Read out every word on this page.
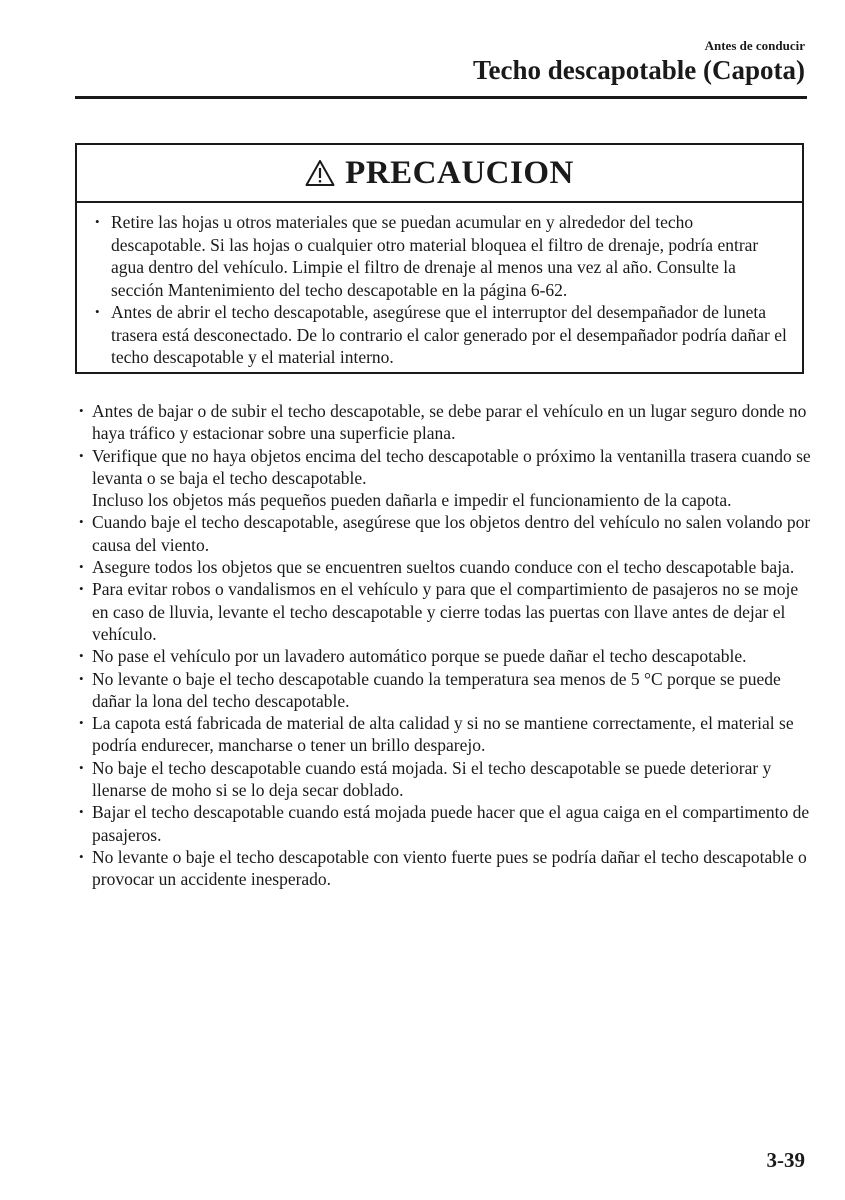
Antes de conducir
Techo descapotable (Capota)
PRECAUCION
• Retire las hojas u otros materiales que se puedan acumular en y alrededor del techo descapotable. Si las hojas o cualquier otro material bloquea el filtro de drenaje, podría entrar agua dentro del vehículo. Limpie el filtro de drenaje al menos una vez al año. Consulte la sección Mantenimiento del techo descapotable en la página 6-62.
• Antes de abrir el techo descapotable, asegúrese que el interruptor del desempañador de luneta trasera está desconectado. De lo contrario el calor generado por el desempañador podría dañar el techo descapotable y el material interno.
• Antes de bajar o de subir el techo descapotable, se debe parar el vehículo en un lugar seguro donde no haya tráfico y estacionar sobre una superficie plana.
• Verifique que no haya objetos encima del techo descapotable o próximo la ventanilla trasera cuando se levanta o se baja el techo descapotable.
Incluso los objetos más pequeños pueden dañarla e impedir el funcionamiento de la capota.
• Cuando baje el techo descapotable, asegúrese que los objetos dentro del vehículo no salen volando por causa del viento.
• Asegure todos los objetos que se encuentren sueltos cuando conduce con el techo descapotable baja.
• Para evitar robos o vandalismos en el vehículo y para que el compartimiento de pasajeros no se moje en caso de lluvia, levante el techo descapotable y cierre todas las puertas con llave antes de dejar el vehículo.
• No pase el vehículo por un lavadero automático porque se puede dañar el techo descapotable.
• No levante o baje el techo descapotable cuando la temperatura sea menos de 5 °C porque se puede dañar la lona del techo descapotable.
• La capota está fabricada de material de alta calidad y si no se mantiene correctamente, el material se podría endurecer, mancharse o tener un brillo desparejo.
• No baje el techo descapotable cuando está mojada. Si el techo descapotable se puede deteriorar y llenarse de moho si se lo deja secar doblado.
• Bajar el techo descapotable cuando está mojada puede hacer que el agua caiga en el compartimento de pasajeros.
• No levante o baje el techo descapotable con viento fuerte pues se podría dañar el techo descapotable o provocar un accidente inesperado.
3-39
